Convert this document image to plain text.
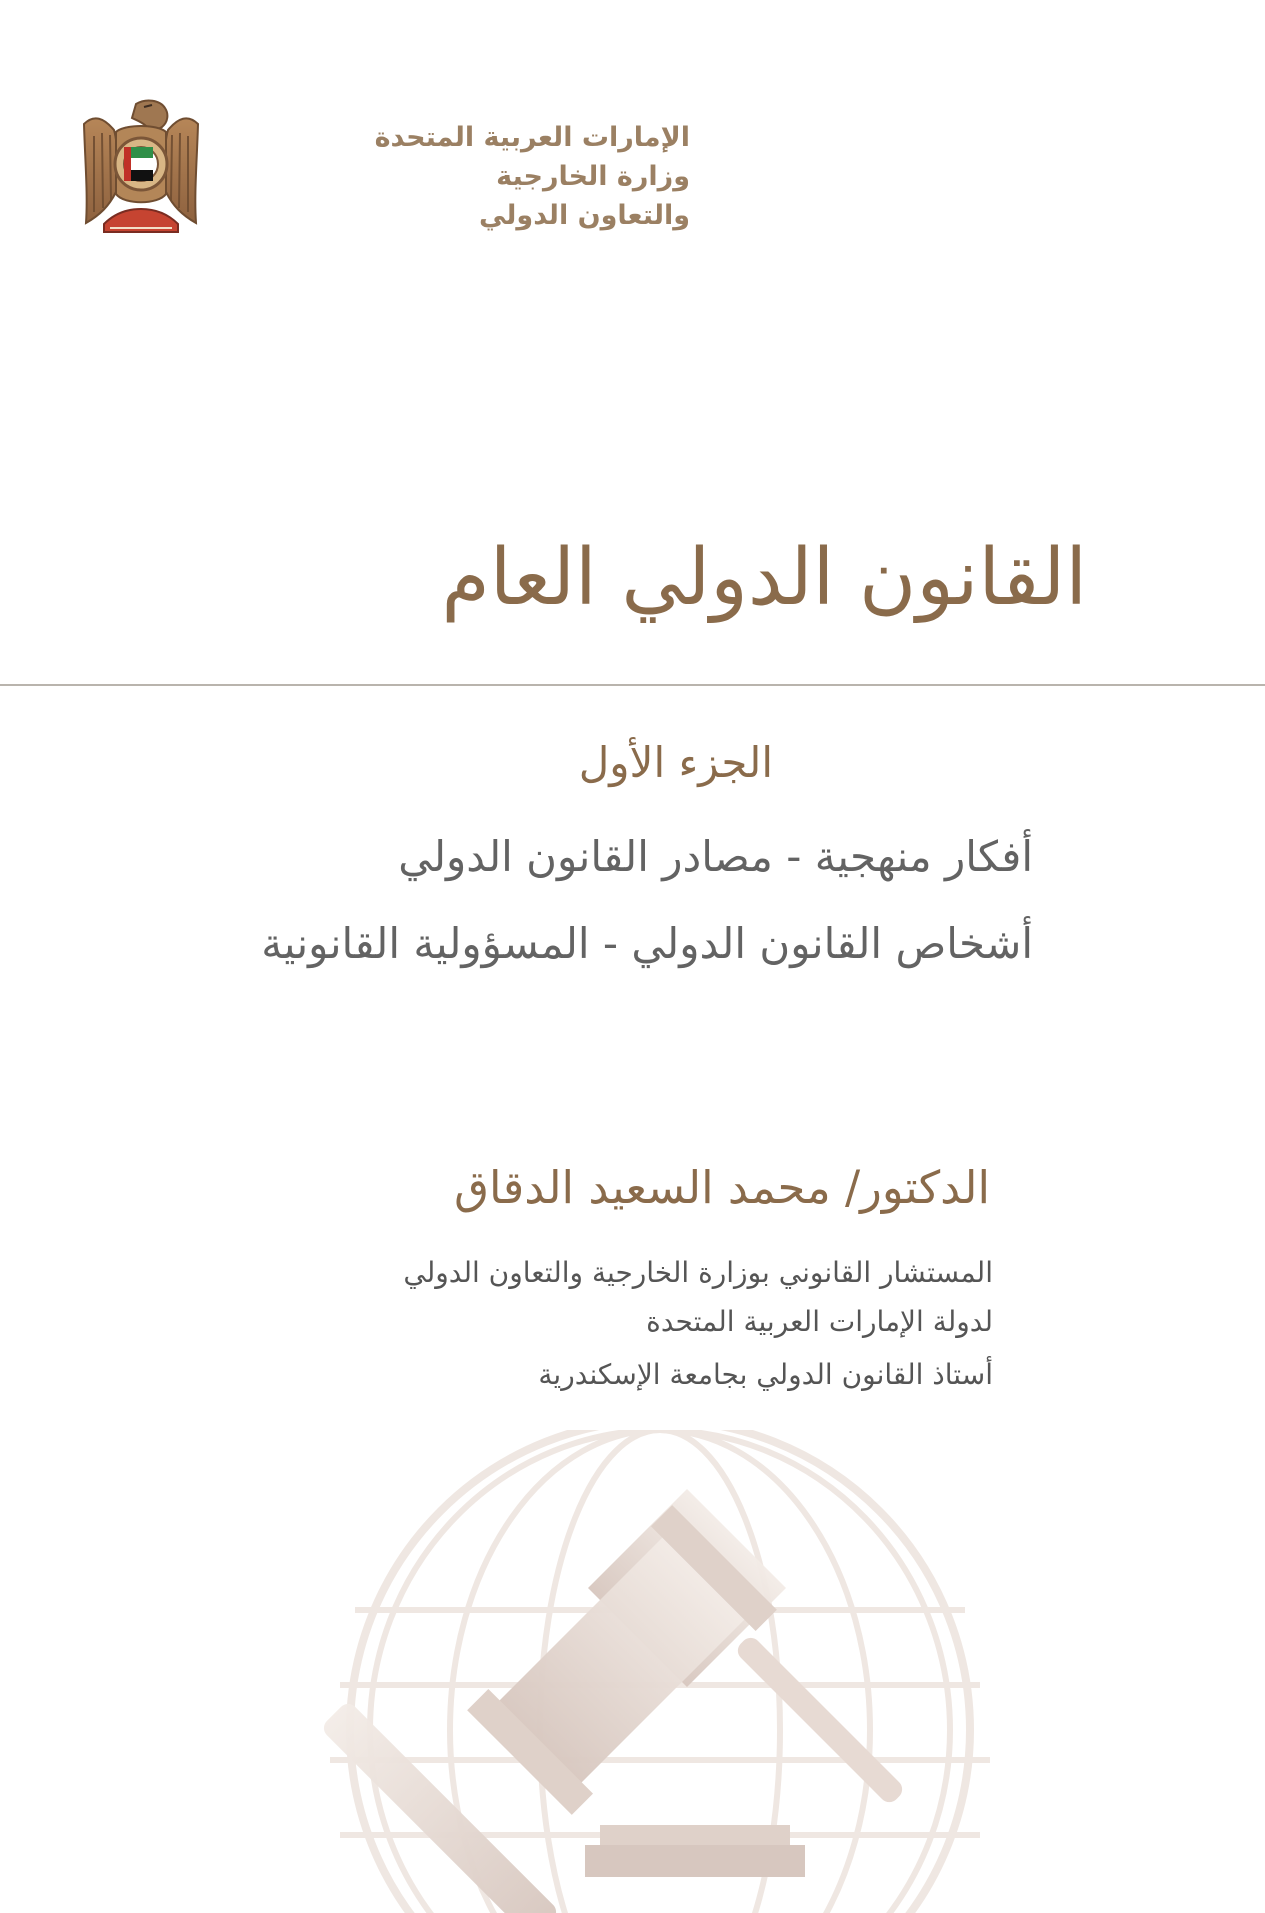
الإمارات العربية المتحدة
وزارة الخارجية
والتعاون الدولي
القانون الدولي العام
الجزء الأول
أفكار منهجية - مصادر القانون الدولي
أشخاص القانون الدولي - المسؤولية القانونية
الدكتور/ محمد السعيد الدقاق
المستشار القانوني بوزارة الخارجية والتعاون الدولي
لدولة الإمارات العربية المتحدة
أستاذ القانون الدولي بجامعة الإسكندرية
